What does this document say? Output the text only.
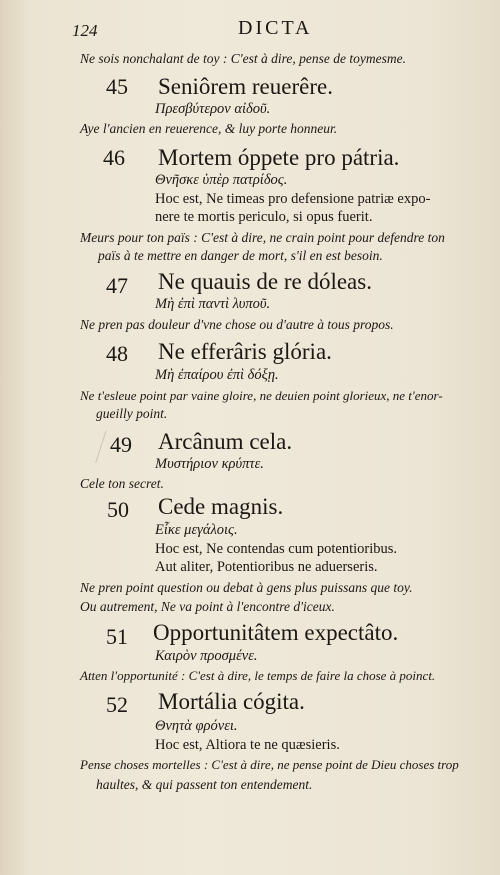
124	DICTA
Ne sois nonchalant de toy : C'est à dire, pense de toymesme.
45 Seniôrem reuerêre.
Πρεσβύτερον αἰδοῦ.
Aye l'ancien en reuerence, & luy porte honneur.
46 Mortem óppete pro pátria.
Θνῆσκε ὑπὲρ πατρίδος.
Hoc est, Ne timeas pro defensione patriæ expo-
nere te mortis periculo, si opus fuerit.
Meurs pour ton païs : C'est à dire, ne crain point pour defendre ton
païs à te mettre en danger de mort, s'il en est besoin.
47 Ne quauis de re dóleas.
Μὴ ἐπὶ παντὶ λυποῦ.
Ne pren pas douleur d'vne chose ou d'autre à tous propos.
48 Ne efferâris glória.
Μὴ ἐπαίρου ἐπὶ δόξῃ.
Ne t'esleue point par vaine gloire, ne deuien point glorieux, ne t'enor-
gueilly point.
49 Arcânum cela.
Μυστήριον κρύπτε.
Cele ton secret.
50 Cede magnis.
Εἶκε μεγάλοις.
Hoc est, Ne contendas cum potentioribus.
Aut aliter, Potentioribus ne aduerseris.
Ne pren point question ou debat à gens plus puissans que toy.
Ou autrement, Ne va point à l'encontre d'iceux.
51 Opportunitâtem expectâto.
Καιρὸν προσμένε.
Atten l'opportunité : C'est à dire, le temps de faire la chose à poinct.
52 Mortália cógita.
Θνητὰ φρόνει.
Hoc est, Altiora te ne quæsieris.
Pense choses mortelles : C'est à dire, ne pense point de Dieu choses trop
haultes, & qui passent ton entendement.
